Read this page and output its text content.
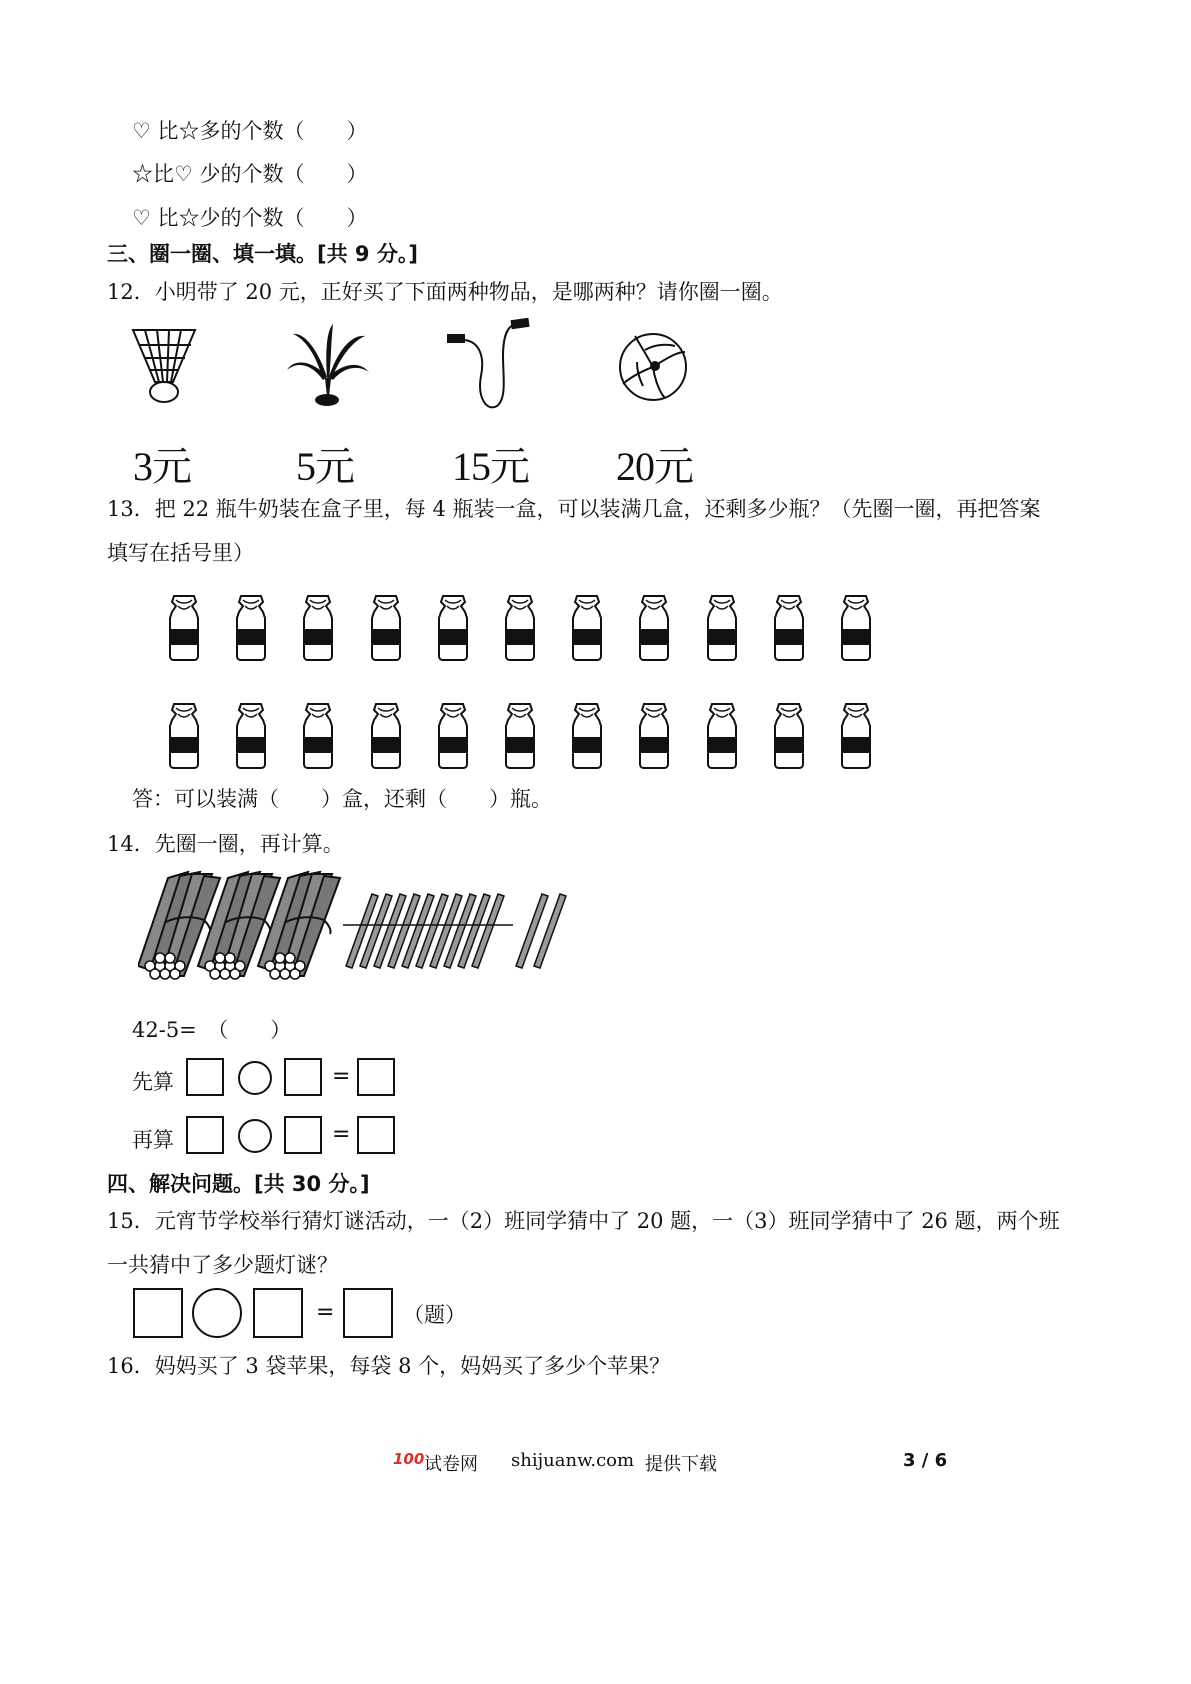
♡ 比☆多的个数（　　）
☆比♡ 少的个数（　　）
♡ 比☆少的个数（　　）
三、圈一圈、填一填。[共 9 分。]
12．小明带了 20 元，正好买了下面两种物品，是哪两种？请你圈一圈。
3元	5元 15元 20元
13．把 22 瓶牛奶装在盒子里，每 4 瓶装一盒，可以装满几盒，还剩多少瓶？（先圈一圈，再把答案
填写在括号里）
答：可以装满（　　）盒，还剩（　　）瓶。
14．先圈一圈，再计算。
42-5=　（　　）
先算	=
再算	=
四、解决问题。[共 30 分。]
15．元宵节学校举行猜灯谜活动，一（2）班同学猜中了 20 题，一（3）班同学猜中了 26 题，两个班
一共猜中了多少题灯谜？
=	（题）
16．妈妈买了 3 袋苹果，每袋 8 个，妈妈买了多少个苹果？
100 试卷网 shijuanw.com 提供下载	3 / 6
